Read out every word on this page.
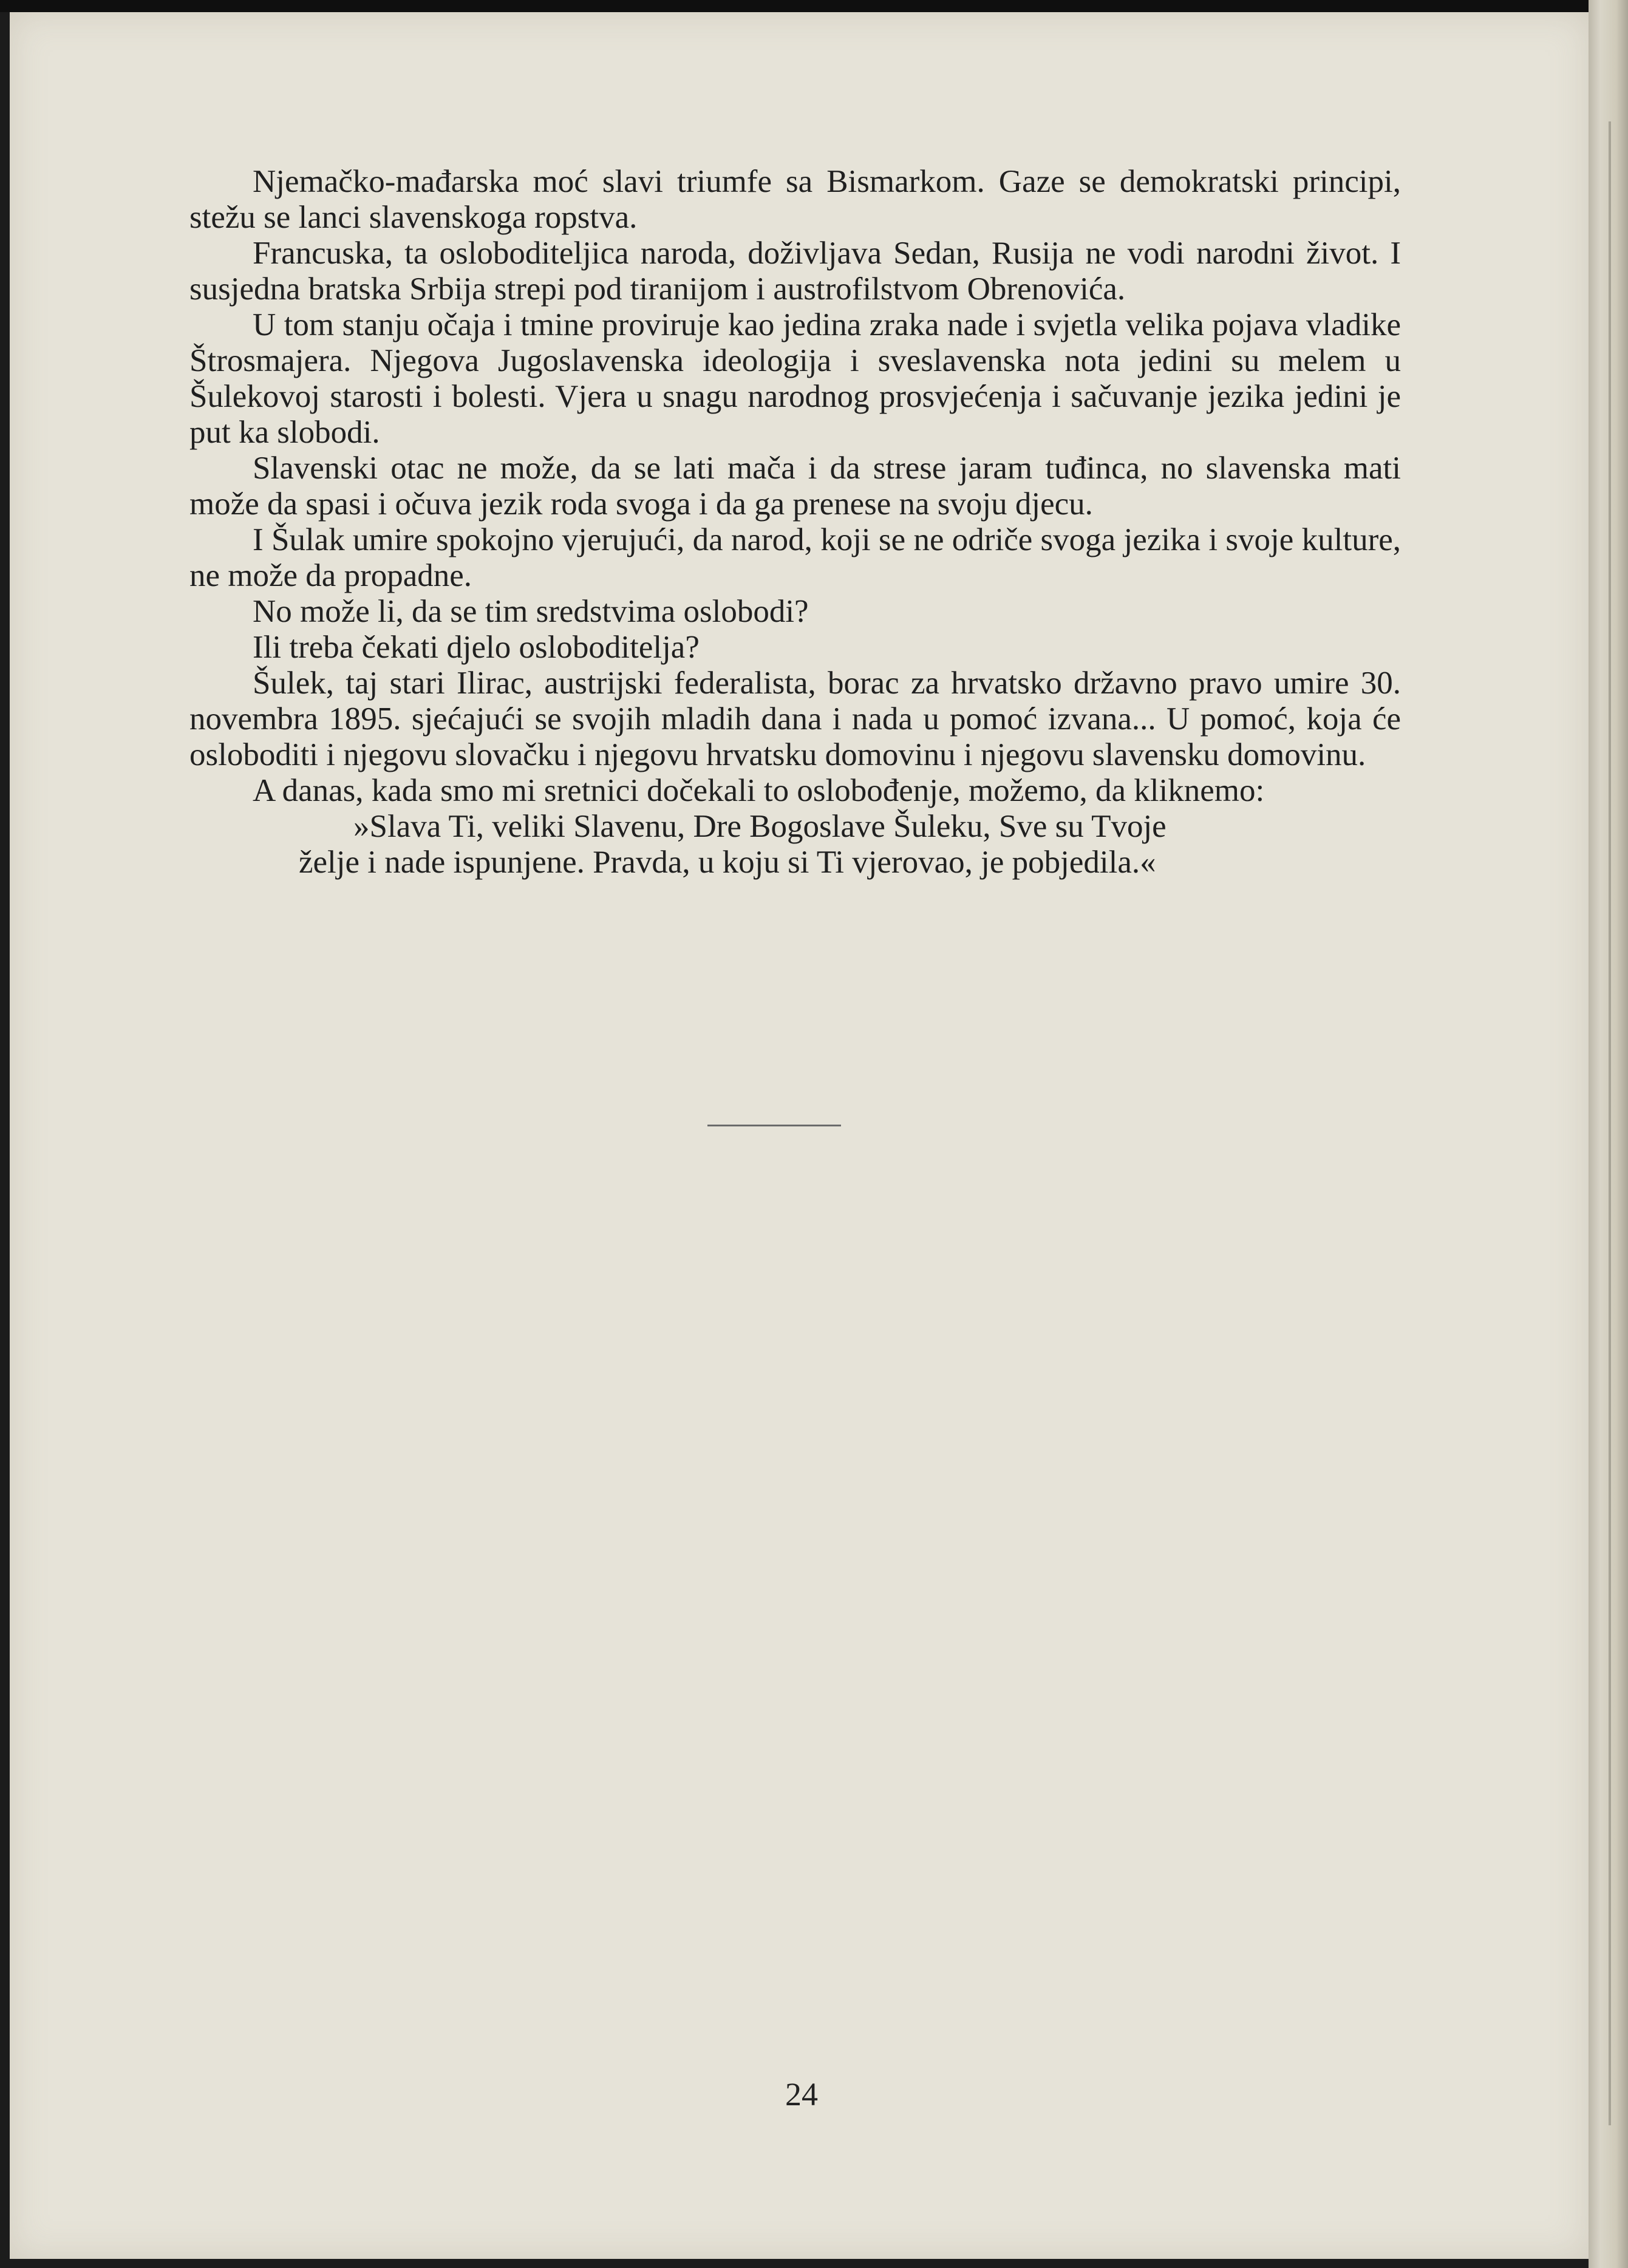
Njemačko-mađarska moć slavi triumfe sa Bismarkom. Gaze se demokratski principi, stežu se lanci slavenskoga ropstva.

Francuska, ta osloboditeljica naroda, doživljava Sedan, Rusija ne vodi narodni život. I susjedna bratska Srbija strepi pod tiranijom i austrofilstvom Obrenovića.

U tom stanju očaja i tmine proviruje kao jedina zraka nade i svjetla velika pojava vladike Štrosmajera. Njegova Jugoslavenska ideologija i sveslavenska nota jedini su melem u Šulekovoj starosti i bolesti. Vjera u snagu narodnog prosvjećenja i sačuvanje jezika jedini je put ka slobodi.

Slavenski otac ne može, da se lati mača i da strese jaram tuđinca, no slavenska mati može da spasi i očuva jezik roda svoga i da ga prenese na svoju djecu.

I Šulak umire spokojno vjerujući, da narod, koji se ne odriče svoga jezika i svoje kulture, ne može da propadne.

No može li, da se tim sredstvima oslobodi?

Ili treba čekati djelo osloboditelja?

Šulek, taj stari Ilirac, austrijski federalista, borac za hrvatsko državno pravo umire 30. novembra 1895. sjećajući se svojih mladih dana i nada u pomoć izvana... U pomoć, koja će osloboditi i njegovu slovačku i njegovu hrvatsku domovinu i njegovu slavensku domovinu.

A danas, kada smo mi sretnici dočekali to oslobođenje, možemo, da kliknemo:

»Slava Ti, veliki Slavenu, Dre Bogoslave Šuleku, Sve su Tvoje

želje i nade ispunjene. Pravda, u koju si Ti vjerovao, je pobjedila.«

24
